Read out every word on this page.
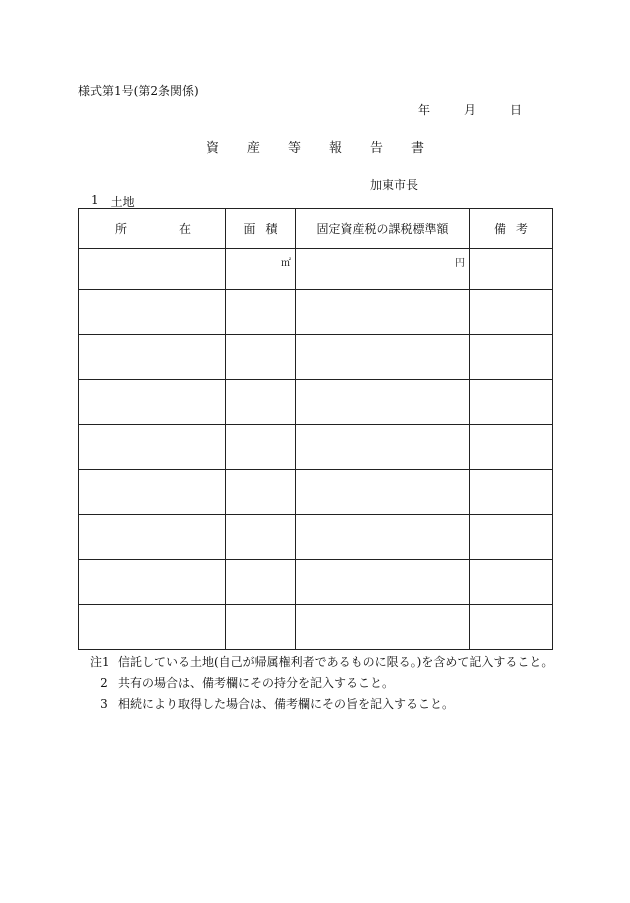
様式第1号(第2条関係)
年	月	日
資産等報告書
加東市長
1 土地
所 在	面積	固定資産税の課税標準額	備考

	㎡	円	

注1 信託している土地(自己が帰属権利者であるものに限る。)を含めて記入すること。
2 共有の場合は、備考欄にその持分を記入すること。
3 相続により取得した場合は、備考欄にその旨を記入すること。
